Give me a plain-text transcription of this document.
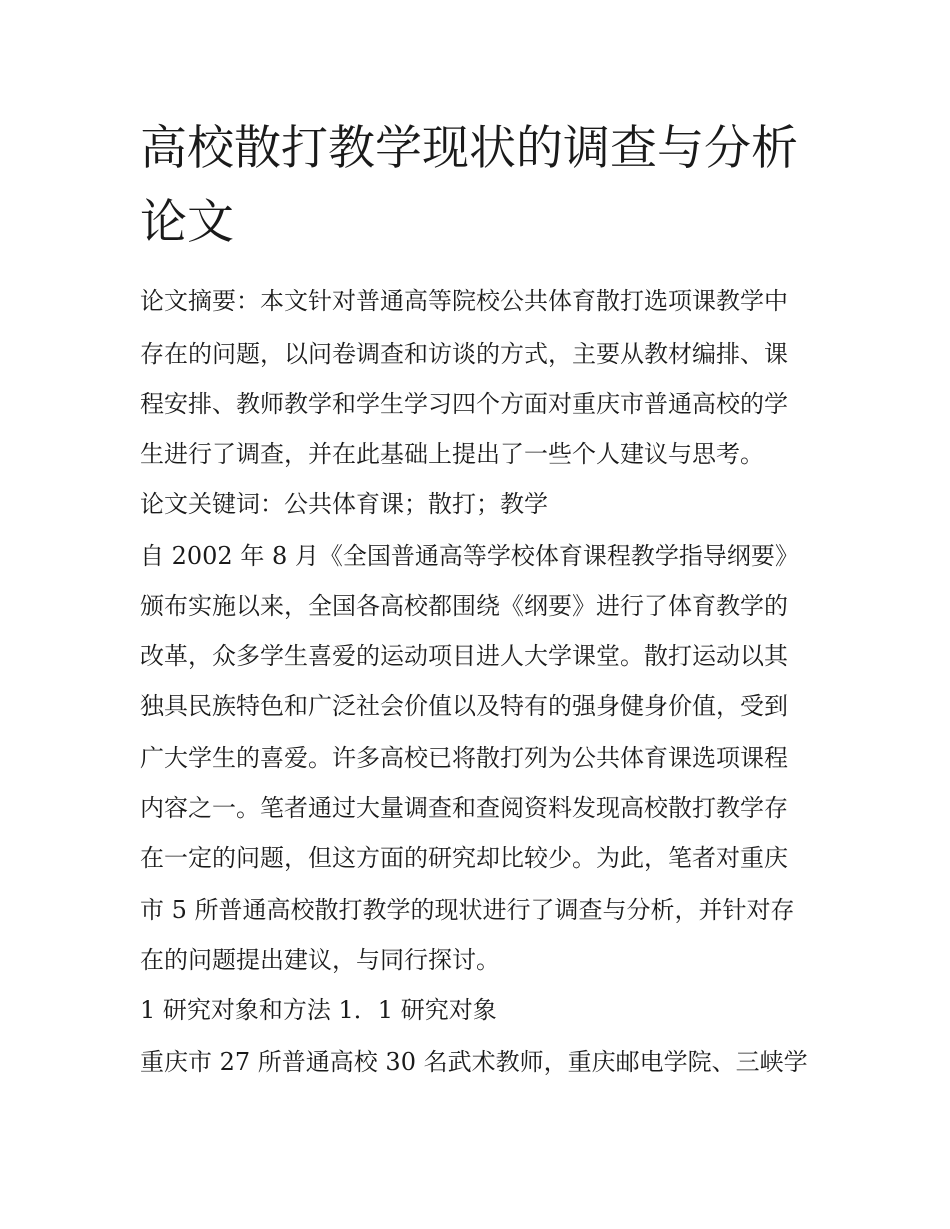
高校散打教学现状的调查与分析论文

论文摘要：本文针对普通高等院校公共体育散打选项课教学中

存在的问题，以问卷调查和访谈的方式，主要从教材编排、课

程安排、教师教学和学生学习四个方面对重庆市普通高校的学

生进行了调查，并在此基础上提出了一些个人建议与思考。

论文关键词：公共体育课；散打；教学

自 2002 年 8 月《全国普通高等学校体育课程教学指导纲要》

颁布实施以来，全国各高校都围绕《纲要》进行了体育教学的

改革，众多学生喜爱的运动项目进人大学课堂。散打运动以其

独具民族特色和广泛社会价值以及特有的强身健身价值，受到

广大学生的喜爱。许多高校已将散打列为公共体育课选项课程

内容之一。笔者通过大量调查和查阅资料发现高校散打教学存

在一定的问题，但这方面的研究却比较少。为此，笔者对重庆

市 5 所普通高校散打教学的现状进行了调查与分析，并针对存

在的问题提出建议，与同行探讨。

1 研究对象和方法 1．1 研究对象

重庆市 27 所普通高校 30 名武术教师，重庆邮电学院、三峡学
